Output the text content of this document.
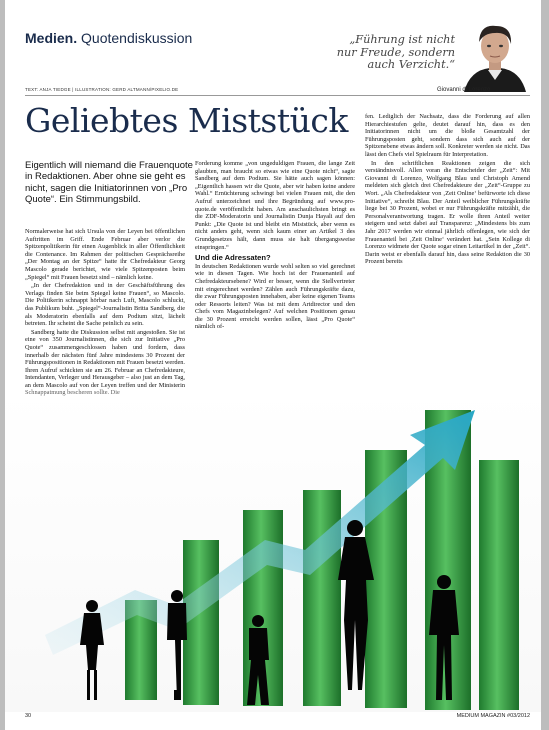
Medien. Quotendiskussion	„Führung ist nicht
nur Freude, sondern
auch Verzicht.“
Giovanni di Lorenzo
TEXT: ANJA TIEDGE | ILLUSTRATION: GERD ALTMANN/PIXELIO.DE
Geliebtes Miststück
Eigentlich will niemand die Frauenquote in Redaktionen. Aber ohne sie geht es nicht, sagen die Initiatorinnen von „Pro Quote“. Ein Stimmungsbild.

Normalerweise hat sich Ursula von der Leyen bei öffentlichen Auftritten im Griff. Ende Februar aber verlor die Spitzenpolitikerin für einen Augenblick in aller Öffentlichkeit die Contenance. Im Rahmen der politischen Gesprächsreihe „Der Montag an der Spitze“ hatte ihr Chefredakteur Georg Mascolo gerade berichtet, wie viele Spitzenposten beim „Spiegel“ mit Frauen besetzt sind – nämlich keine.

„In der Chefredaktion und in der Geschäftsführung des Verlags finden Sie beim Spiegel keine Frauen“, so Mascolo. Die Politikerin schnappt hörbar nach Luft, Mascolo schluckt, das Publikum buht. „Spiegel“-Journalistin Britta Sandberg, die als Moderatorin ebenfalls auf dem Podium sitzt, lächelt betreten. Ihr scheint die Sache peinlich zu sein.

Sandberg hatte die Diskussion selbst mit angestoßen. Sie ist eine von 350 Journalistinnen, die sich zur Initiative „Pro Quote“ zusammengeschlossen haben und fordern, dass innerhalb der nächsten fünf Jahre mindestens 30 Prozent der Führungspositionen in Redaktionen mit Frauen besetzt werden. Ihren Aufruf schickten sie am 26. Februar an Chefredakteure, Intendanten, Verleger und Herausgeber – also just an dem Tag, an dem Mascolo auf von der Leyen treffen und der Ministerin Schnappatmung bescheren sollte. Die

Forderung komme „von ungeduldigen Frauen, die lange Zeit glaubten, man braucht so etwas wie eine Quote nicht“, sagte Sandberg auf dem Podium. Sie hätte auch sagen können: „Eigentlich hassen wir die Quote, aber wir haben keine andere Wahl.“ Ernüchterung schwingt bei vielen Frauen mit, die den Aufruf unterzeichnet und ihre Begründung auf www.pro-quote.de veröffentlicht haben. Am anschaulichsten bringt es die ZDF-Moderatorin und Journalistin Dunja Hayali auf den Punkt: „Die Quote ist und bleibt ein Miststück, aber wenn es nicht anders geht, wenn sich kaum einer an Artikel 3 des Grundgesetzes hält, dann muss sie halt übergangsweise einspringen.“

Und die Adressaten?

In deutschen Redaktionen wurde wohl selten so viel gerechnet wie in diesen Tagen. Wie hoch ist der Frauenanteil auf Chefredakteursebene? Wird er besser, wenn die Stellvertreter mit eingerechnet werden? Zählen auch Führungskräfte dazu, die zwar Führungsposten innehaben, aber keine eigenen Teams oder Ressorts leiten? Was ist mit dem Artdirector und den Chefs vom Magazinbelegen? Auf welchen Positionen genau die 30 Prozent erreicht werden sollen, lässt „Pro Quote“ nämlich of-

fen. Lediglich der Nachsatz, dass die Forderung auf allen Hierarchiestufen gelte, deutet darauf hin, dass es den Initiatorinnen nicht um die bloße Gesamtzahl der Führungsposten geht, sondern dass sich auch auf der Spitzenebene etwas ändern soll. Konkreter werden sie nicht. Das lässt den Chefs viel Spielraum für Interpretation.

In den schriftlichen Reaktionen zeigen die sich verständnisvoll. Allen voran die Entscheider der „Zeit“: Mit Giovanni di Lorenzo, Wolfgang Blau und Christoph Amend meldeten sich gleich drei Chefredakteure der „Zeit“-Gruppe zu Wort. „Als Chefredakteur von ‚Zeit Online‘ befürworte ich diese Initiative“, schreibt Blau. Der Anteil weiblicher Führungskräfte liege bei 30 Prozent, wobei er nur Führungskräfte mitzählt, die Personalverantwortung tragen. Er wolle ihren Anteil weiter steigern und setzt dabei auf Transparenz: „Mindestens bis zum Jahr 2017 werden wir einmal jährlich offenlegen, wie sich der Frauenanteil bei ‚Zeit Online‘ verändert hat. „Sein Kollege di Lorenzo widmete der Quote sogar einen Leitartikel in der „Zeit“. Darin weist er ebenfalls darauf hin, dass seine Redaktion die 30 Prozent bereits

30	MEDIUM MAGAZIN #03/2012
